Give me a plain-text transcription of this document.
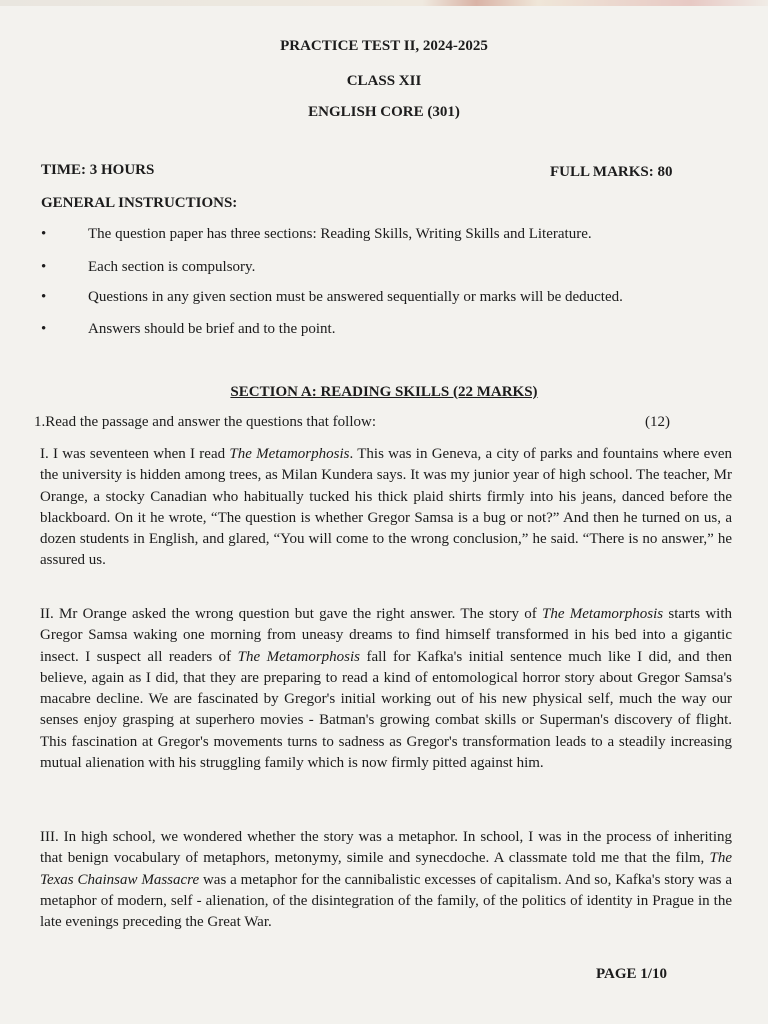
PRACTICE TEST II, 2024-2025
CLASS XII
ENGLISH CORE (301)
TIME: 3 HOURS	FULL MARKS: 80
GENERAL INSTRUCTIONS:
•	The question paper has three sections: Reading Skills, Writing Skills and Literature.
•	Each section is compulsory.
•	Questions in any given section must be answered sequentially or marks will be deducted.
•	Answers should be brief and to the point.
SECTION A: READING SKILLS (22 MARKS)
1.Read the passage and answer the questions that follow:	(12)
I. I was seventeen when I read The Metamorphosis. This was in Geneva, a city of parks and fountains where even the university is hidden among trees, as Milan Kundera says. It was my junior year of high school. The teacher, Mr Orange, a stocky Canadian who habitually tucked his thick plaid shirts firmly into his jeans, danced before the blackboard. On it he wrote, “The question is whether Gregor Samsa is a bug or not?” And then he turned on us, a dozen students in English, and glared, “You will come to the wrong conclusion,” he said. “There is no answer,” he assured us.
II. Mr Orange asked the wrong question but gave the right answer. The story of The Metamorphosis starts with Gregor Samsa waking one morning from uneasy dreams to find himself transformed in his bed into a gigantic insect. I suspect all readers of The Metamorphosis fall for Kafka's initial sentence much like I did, and then believe, again as I did, that they are preparing to read a kind of entomological horror story about Gregor Samsa's macabre decline. We are fascinated by Gregor's initial working out of his new physical self, much the way our senses enjoy grasping at superhero movies - Batman's growing combat skills or Superman's discovery of flight. This fascination at Gregor's movements turns to sadness as Gregor's transformation leads to a steadily increasing mutual alienation with his struggling family which is now firmly pitted against him.
III. In high school, we wondered whether the story was a metaphor. In school, I was in the process of inheriting that benign vocabulary of metaphors, metonymy, simile and synecdoche. A classmate told me that the film, The Texas Chainsaw Massacre was a metaphor for the cannibalistic excesses of capitalism. And so, Kafka's story was a metaphor of modern, self - alienation, of the disintegration of the family, of the politics of identity in Prague in the late evenings preceding the Great War.
PAGE 1/10
